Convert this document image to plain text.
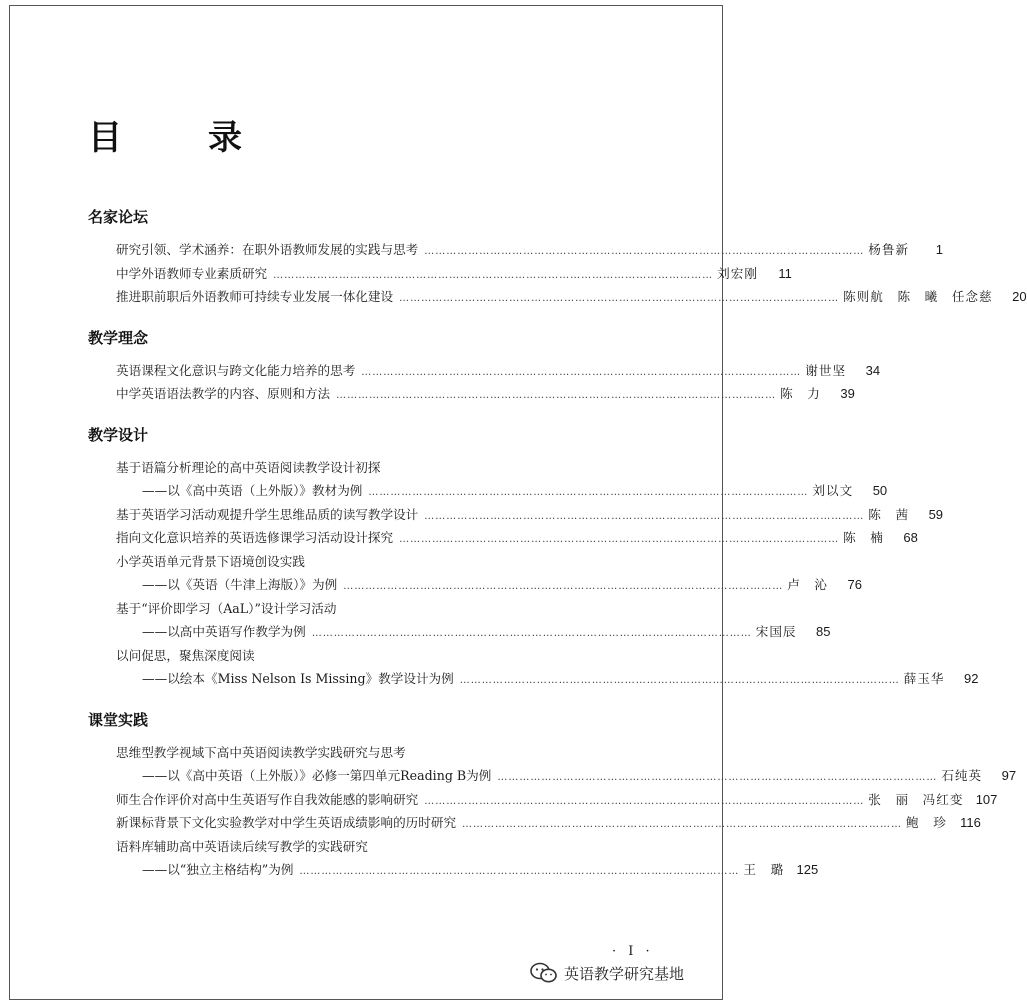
目　录
名家论坛
研究引领、学术涵养：在职外语教师发展的实践与思考 ………………………………………………………………………………………………………… 杨鲁新	1
中学外语教师专业素质研究 ………………………………………………………………………………………………………… 刘宏刚	11
推进职前职后外语教师可持续专业发展一体化建设 ………………………………………………………………………………………………………… 陈则航　陈　曦　任念慈	20
教学理念
英语课程文化意识与跨文化能力培养的思考 ………………………………………………………………………………………………………… 谢世坚	34
中学英语语法教学的内容、原则和方法 ………………………………………………………………………………………………………… 陈　力	39
教学设计
基于语篇分析理论的高中英语阅读教学设计初探
——以《高中英语（上外版）》教材为例 ………………………………………………………………………………………………………… 刘以文	50
基于英语学习活动观提升学生思维品质的读写教学设计 ………………………………………………………………………………………………………… 陈　茜	59
指向文化意识培养的英语选修课学习活动设计探究 ………………………………………………………………………………………………………… 陈　楠	68
小学英语单元背景下语境创设实践
——以《英语（牛津上海版）》为例 ………………………………………………………………………………………………………… 卢　沁	76
基于“评价即学习（AaL）”设计学习活动
——以高中英语写作教学为例 ………………………………………………………………………………………………………… 宋国辰	85
以问促思，聚焦深度阅读
——以绘本《Miss Nelson Is Missing》教学设计为例 ………………………………………………………………………………………………………… 薛玉华	92
课堂实践
思维型教学视域下高中英语阅读教学实践研究与思考
——以《高中英语（上外版）》必修一第四单元Reading B为例 ………………………………………………………………………………………………………… 石纯英	97
师生合作评价对高中生英语写作自我效能感的影响研究 ………………………………………………………………………………………………………… 张　丽　冯红变 107
新课标背景下文化实验教学对中学生英语成绩影响的历时研究 ………………………………………………………………………………………………………… 鲍　珍	116
语料库辅助高中英语读后续写教学的实践研究
——以“独立主格结构”为例 ………………………………………………………………………………………………………… 王　璐 125
· I ·
英语教学研究基地
